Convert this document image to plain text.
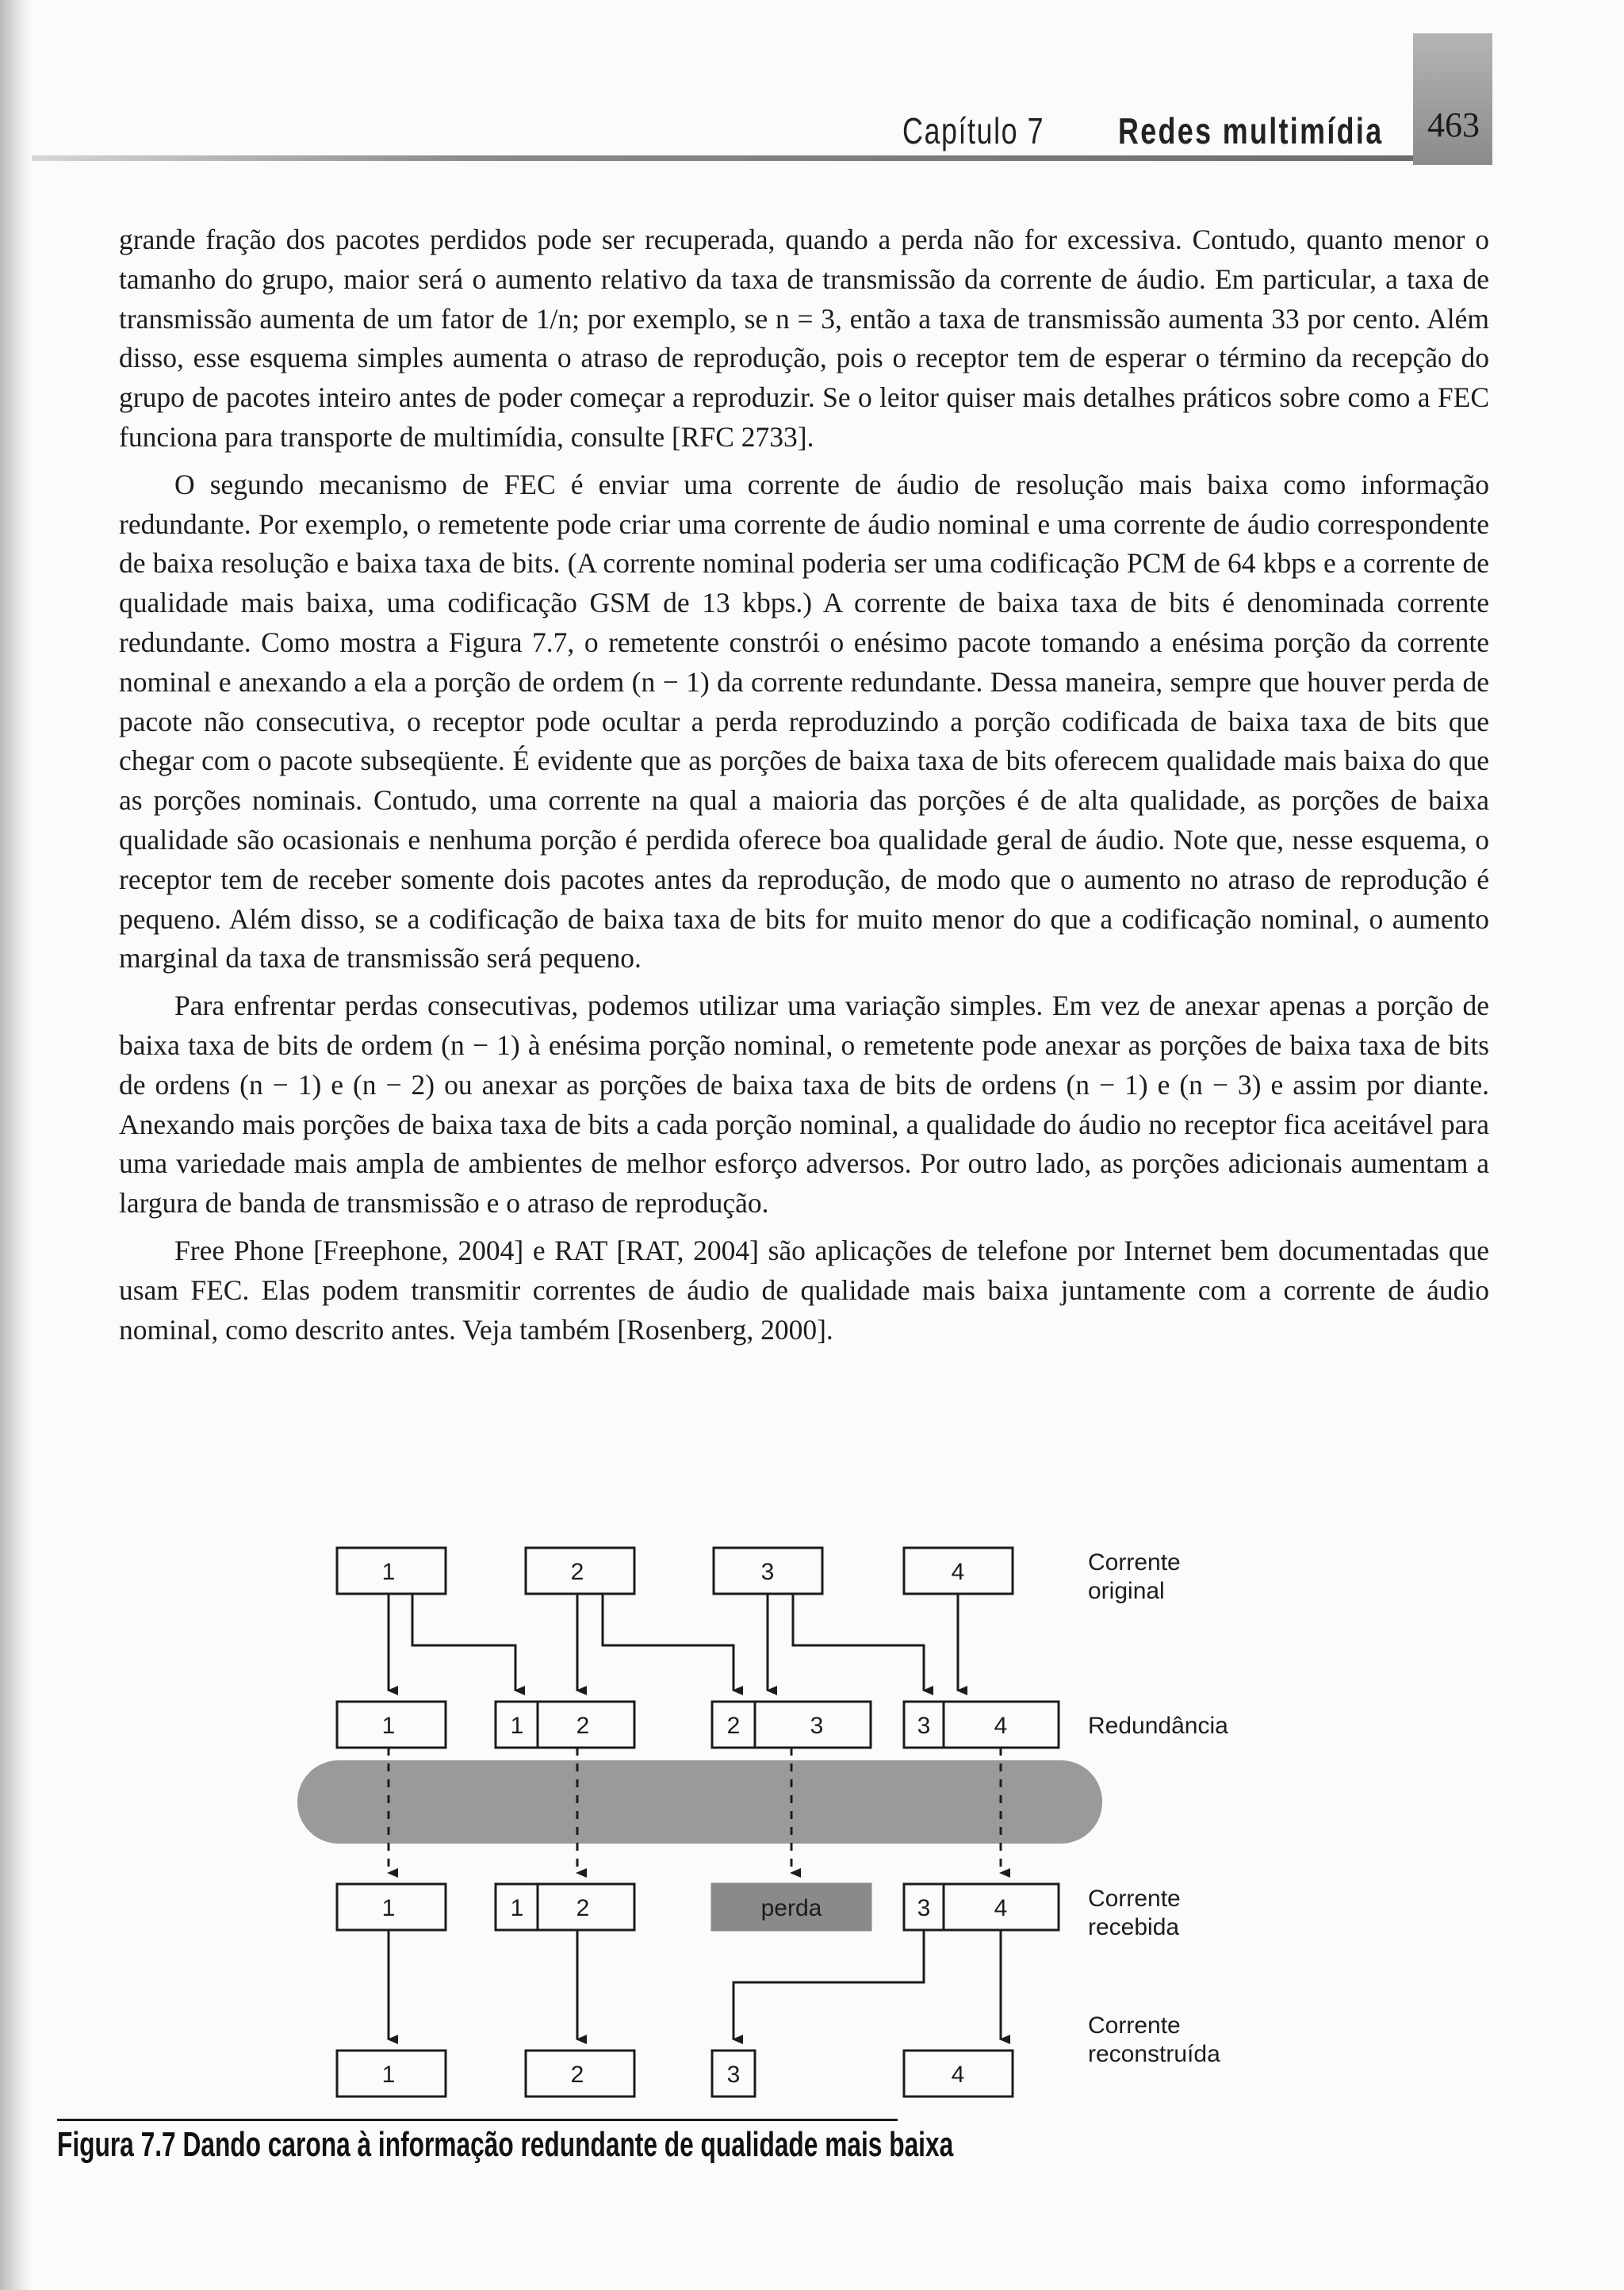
Capítulo 7 Redes multimídia	463

grande fração dos pacotes perdidos pode ser recuperada, quando a perda não for excessiva. Contudo, quanto menor o tamanho do grupo, maior será o aumento relativo da taxa de transmissão da corrente de áudio. Em particular, a taxa de transmissão aumenta de um fator de 1/n; por exemplo, se n = 3, então a taxa de transmissão aumenta 33 por cento. Além disso, esse esquema simples aumenta o atraso de reprodução, pois o receptor tem de esperar o término da recepção do grupo de pacotes inteiro antes de poder começar a reproduzir. Se o leitor quiser mais detalhes práticos sobre como a FEC funciona para transporte de multimídia, consulte [RFC 2733].

O segundo mecanismo de FEC é enviar uma corrente de áudio de resolução mais baixa como informação redundante. Por exemplo, o remetente pode criar uma corrente de áudio nominal e uma corrente de áudio correspondente de baixa resolução e baixa taxa de bits. (A corrente nominal poderia ser uma codificação PCM de 64 kbps e a corrente de qualidade mais baixa, uma codificação GSM de 13 kbps.) A corrente de baixa taxa de bits é denominada corrente redundante. Como mostra a Figura 7.7, o remetente constrói o enésimo pacote tomando a enésima porção da corrente nominal e anexando a ela a porção de ordem (n − 1) da corrente redundante. Dessa maneira, sempre que houver perda de pacote não consecutiva, o receptor pode ocultar a perda reproduzindo a porção codificada de baixa taxa de bits que chegar com o pacote subseqüente. É evidente que as porções de baixa taxa de bits oferecem qualidade mais baixa do que as porções nominais. Contudo, uma corrente na qual a maioria das porções é de alta qualidade, as porções de baixa qualidade são ocasionais e nenhuma porção é perdida oferece boa qualidade geral de áudio. Note que, nesse esquema, o receptor tem de receber somente dois pacotes antes da reprodução, de modo que o aumento no atraso de reprodução é pequeno. Além disso, se a codificação de baixa taxa de bits for muito menor do que a codificação nominal, o aumento marginal da taxa de transmissão será pequeno.

Para enfrentar perdas consecutivas, podemos utilizar uma variação simples. Em vez de anexar apenas a porção de baixa taxa de bits de ordem (n − 1) à enésima porção nominal, o remetente pode anexar as porções de baixa taxa de bits de ordens (n − 1) e (n − 2) ou anexar as porções de baixa taxa de bits de ordens (n − 1) e (n − 3) e assim por diante. Anexando mais porções de baixa taxa de bits a cada porção nominal, a qualidade do áudio no receptor fica aceitável para uma variedade mais ampla de ambientes de melhor esforço adversos. Por outro lado, as porções adicionais aumentam a largura de banda de transmissão e o atraso de reprodução.

Free Phone [Freephone, 2004] e RAT [RAT, 2004] são aplicações de telefone por Internet bem documentadas que usam FEC. Elas podem transmitir correntes de áudio de qualidade mais baixa juntamente com a corrente de áudio nominal, como descrito antes. Veja também [Rosenberg, 2000].

1	2	3	4
1	1 2	2	3	3	4
1	1 2	perda	3	4
1	2	3	4
Corrente
original
Redundância
Corrente
recebida
Corrente
reconstruída
Figura 7.7 Dando carona à informação redundante de qualidade mais baixa
